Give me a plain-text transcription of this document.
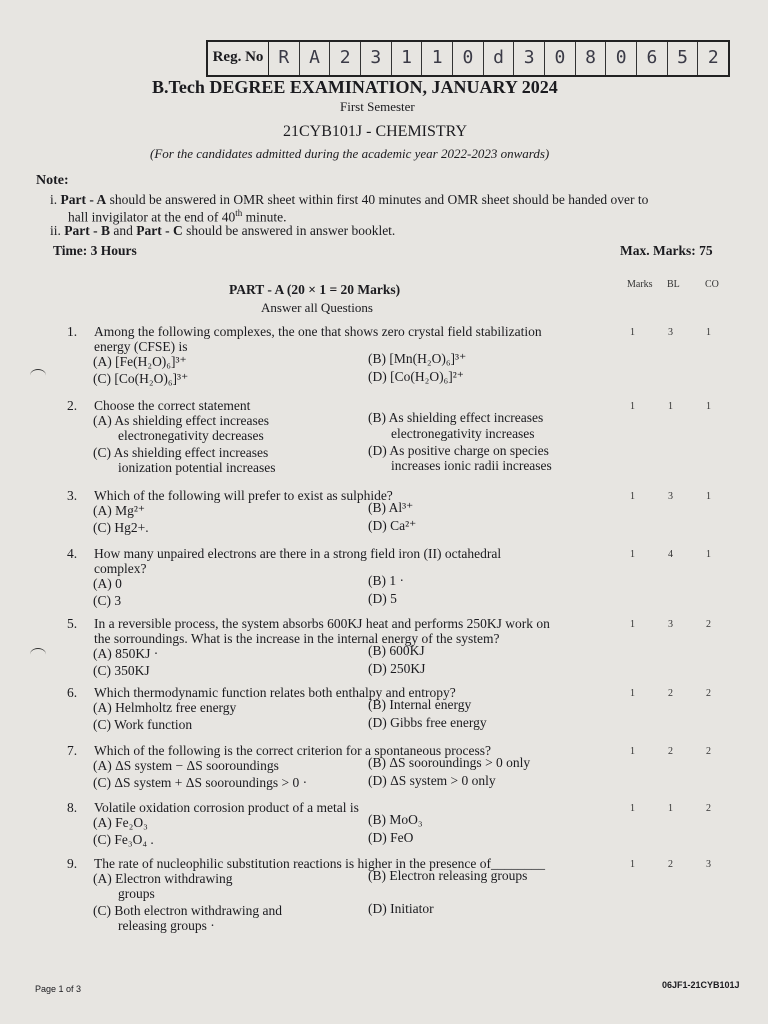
Reg. No R	A	2	3	1	1	0	d	3	0	8	0	6	5	2
B.Tech DEGREE EXAMINATION, JANUARY 2024
First Semester
21CYB101J - CHEMISTRY
(For the candidates admitted during the academic year 2022-2023 onwards)
Note:
i. Part - A should be answered in OMR sheet within first 40 minutes and OMR sheet should be handed over to
hall invigilator at the end of 40th minute.
ii. Part - B and Part - C should be answered in answer booklet.
Time: 3 Hours	Max. Marks: 75
PART - A (20 × 1 = 20 Marks)
Answer all Questions
Marks BL	CO
1. Among the following complexes, the one that shows zero crystal field stabilization
energy (CFSE) is
(A) [Fe(H₂O)₆]³⁺	(B) [Mn(H₂O)₆]³⁺
(C) [Co(H₂O)₆]³⁺	(D) [Co(H₂O)₆]²⁺
1	3	1
2. Choose the correct statement
(A) As shielding effect increases	(B) As shielding effect increases
electronegativity decreases	electronegativity increases
(C) As shielding effect increases	(D) As positive charge on species
ionization potential increases	increases ionic radii increases
1	1	1
3. Which of the following will prefer to exist as sulphide?
(A) Mg²⁺	(B) Al³⁺
(C) Hg2+.	(D) Ca²⁺
1	3	1
4. How many unpaired electrons are there in a strong field iron (II) octahedral
complex?
(A) 0	(B) 1 ·
(C) 3	(D) 5
1	4	1
5. In a reversible process, the system absorbs 600KJ heat and performs 250KJ work on
the sorroundings. What is the increase in the internal energy of the system?
(A) 850KJ ·	(B) 600KJ
(C) 350KJ	(D) 250KJ
1	3	2
6. Which thermodynamic function relates both enthalpy and entropy?
(A) Helmholtz free energy	(B) Internal energy
(C) Work function	(D) Gibbs free energy
1	2	2
7. Which of the following is the correct criterion for a spontaneous process?
(A) ΔS system − ΔS sooroundings	(B) ΔS sooroundings > 0 only
(C) ΔS system + ΔS sooroundings > 0 ·	(D) ΔS system > 0 only
1	2	2
8. Volatile oxidation corrosion product of a metal is
(A) Fe₂O₃	(B) MoO₃
(C) Fe₃O₄ .	(D) FeO
1	1	2
9. The rate of nucleophilic substitution reactions is higher in the presence of________
(A) Electron withdrawing	(B) Electron releasing groups
groups
(C) Both electron withdrawing and	(D) Initiator
releasing groups ·
1	2	3
Page 1 of 3	06JF1-21CYB101J
